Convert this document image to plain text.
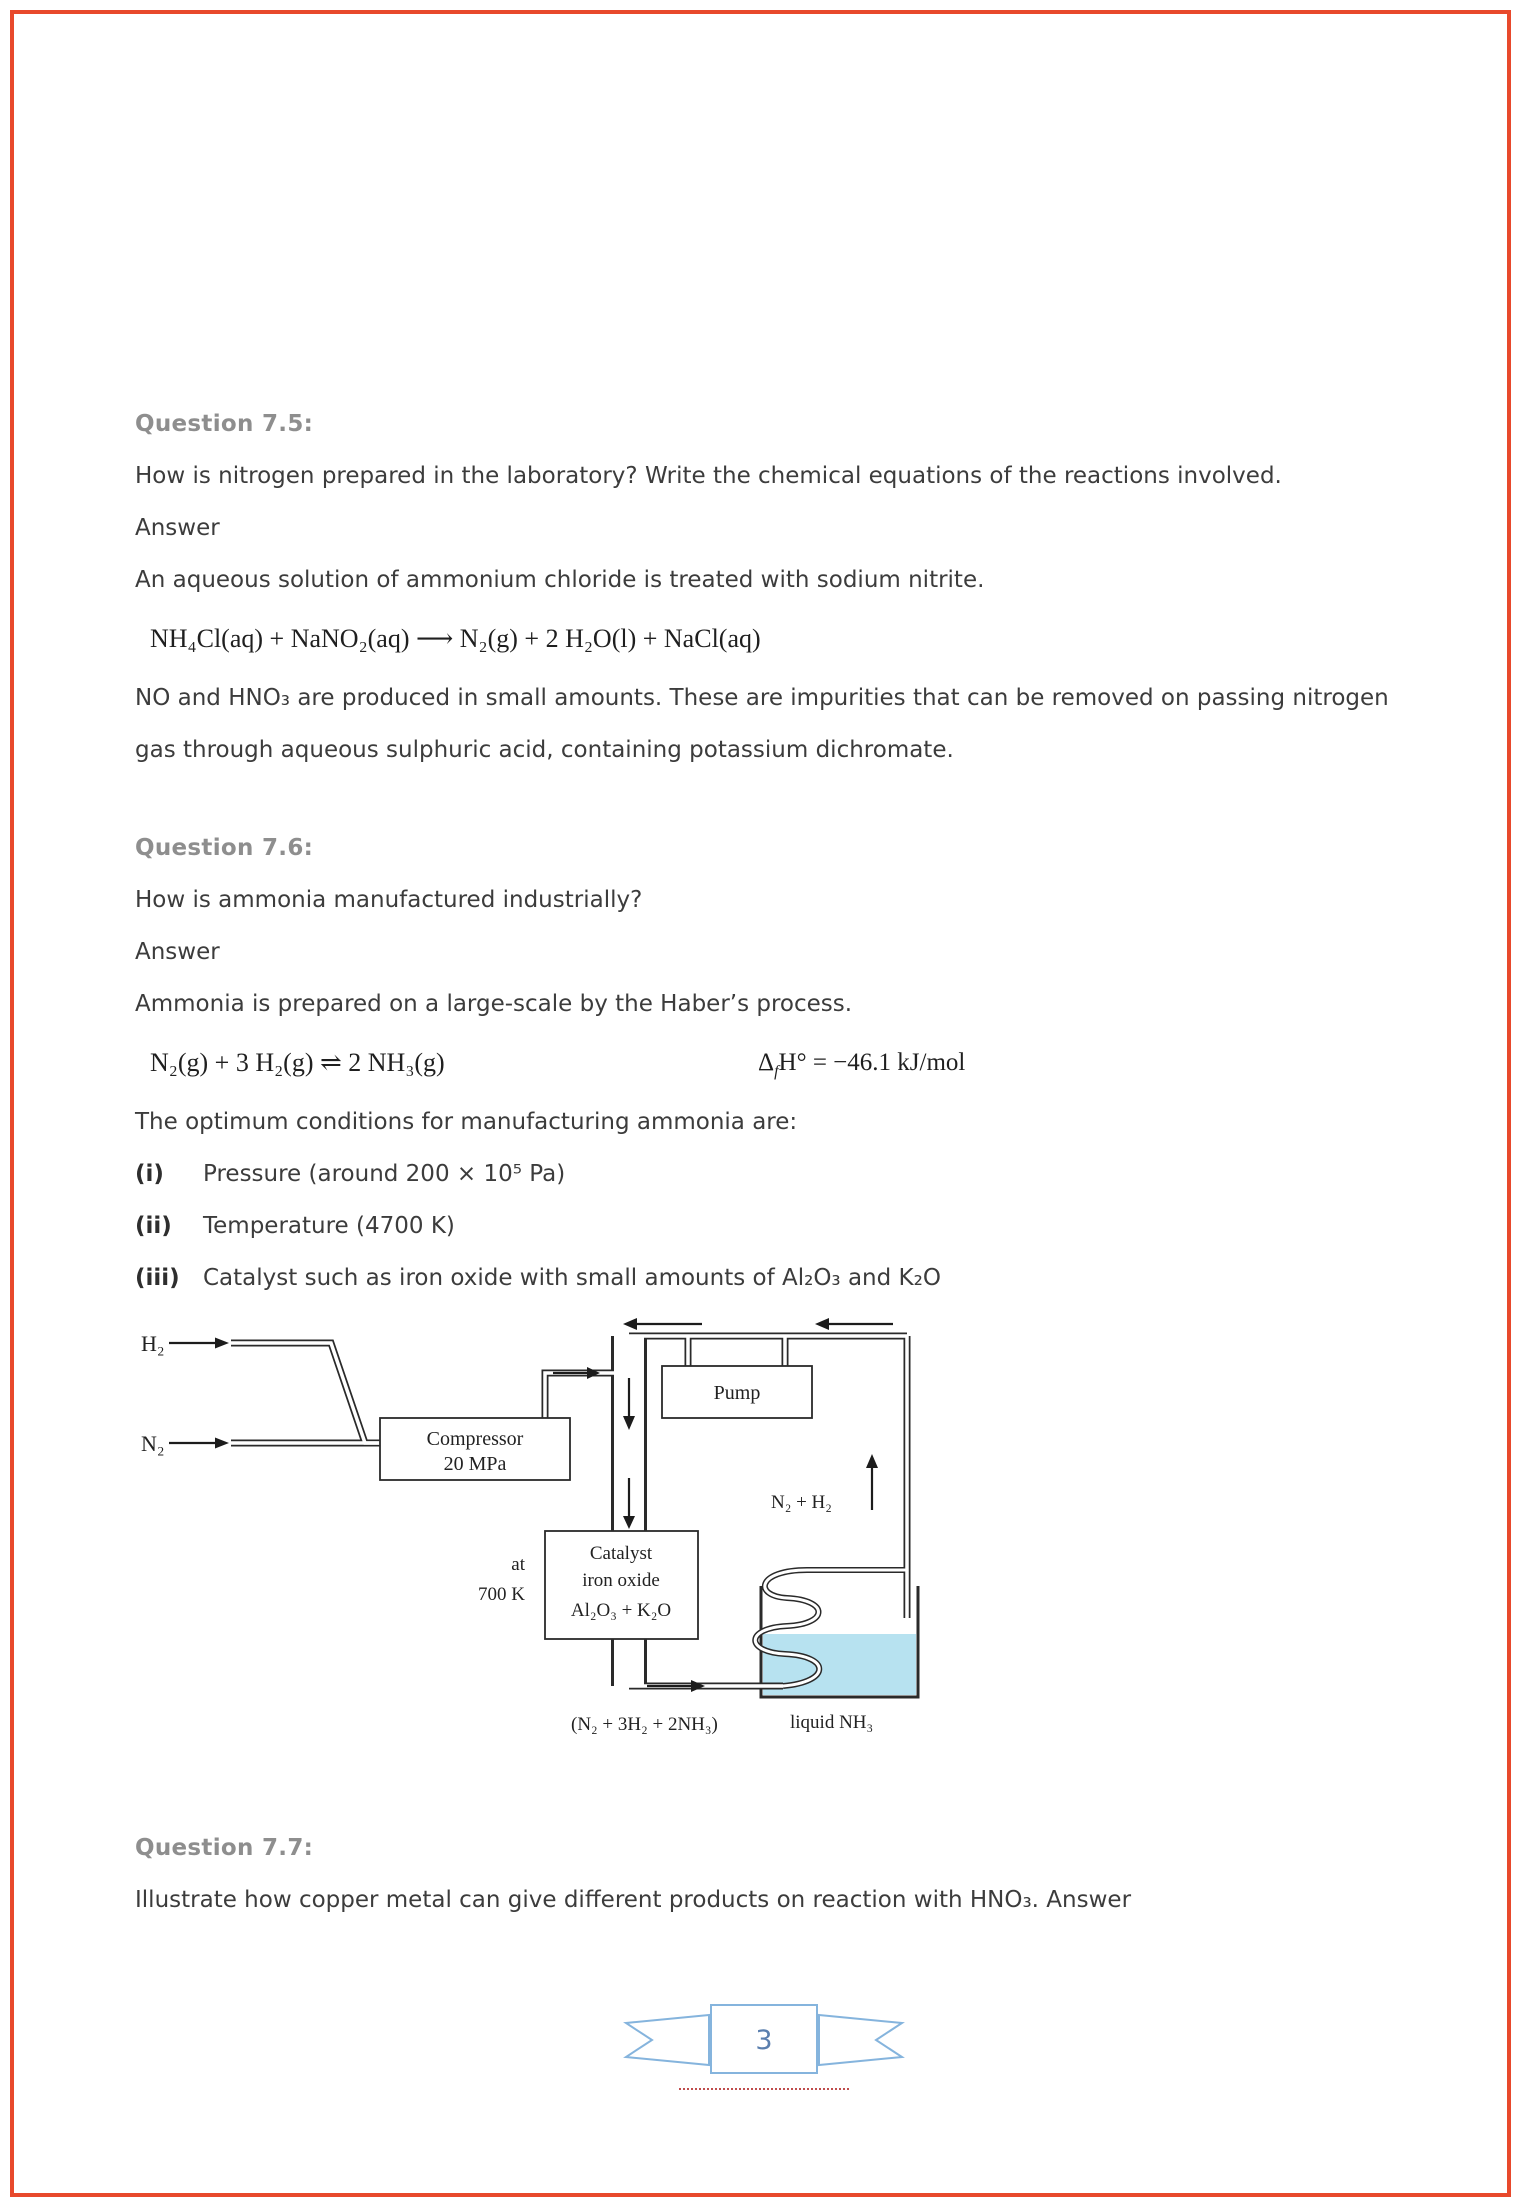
Question 7.5:

How is nitrogen prepared in the laboratory? Write the chemical equations of the reactions involved.

Answer

An aqueous solution of ammonium chloride is treated with sodium nitrite.

NH₄Cl(aq) + NaNO₂(aq) ⟶ N₂(g) + 2 H₂O(l) + NaCl(aq)

NO and HNO₃ are produced in small amounts. These are impurities that can be removed on passing nitrogen gas through aqueous sulphuric acid, containing potassium dichromate.

Question 7.6:

How is ammonia manufactured industrially?

Answer

Ammonia is prepared on a large-scale by the Haber’s process.

N₂(g) + 3 H₂(g) ⇌ 2 NH₃(g)	$\Delta_fH^\circ = -46.1$ kJ/mol

The optimum conditions for manufacturing ammonia are:

(i) Pressure (around 200 × 10⁵ Pa)
(ii) Temperature (4700 K)
(iii) Catalyst such as iron oxide with small amounts of Al₂O₃ and K₂O
Compressor
20 MPa
Pump
Catalyst
iron oxide
Al₂O₃ + K₂O
H₂
N₂
N₂ + H₂
at
700 K
(N₂ + 3H₂ + 2NH₃)	liquid NH₃
Question 7.7:

Illustrate how copper metal can give different products on reaction with HNO₃. Answer

3
